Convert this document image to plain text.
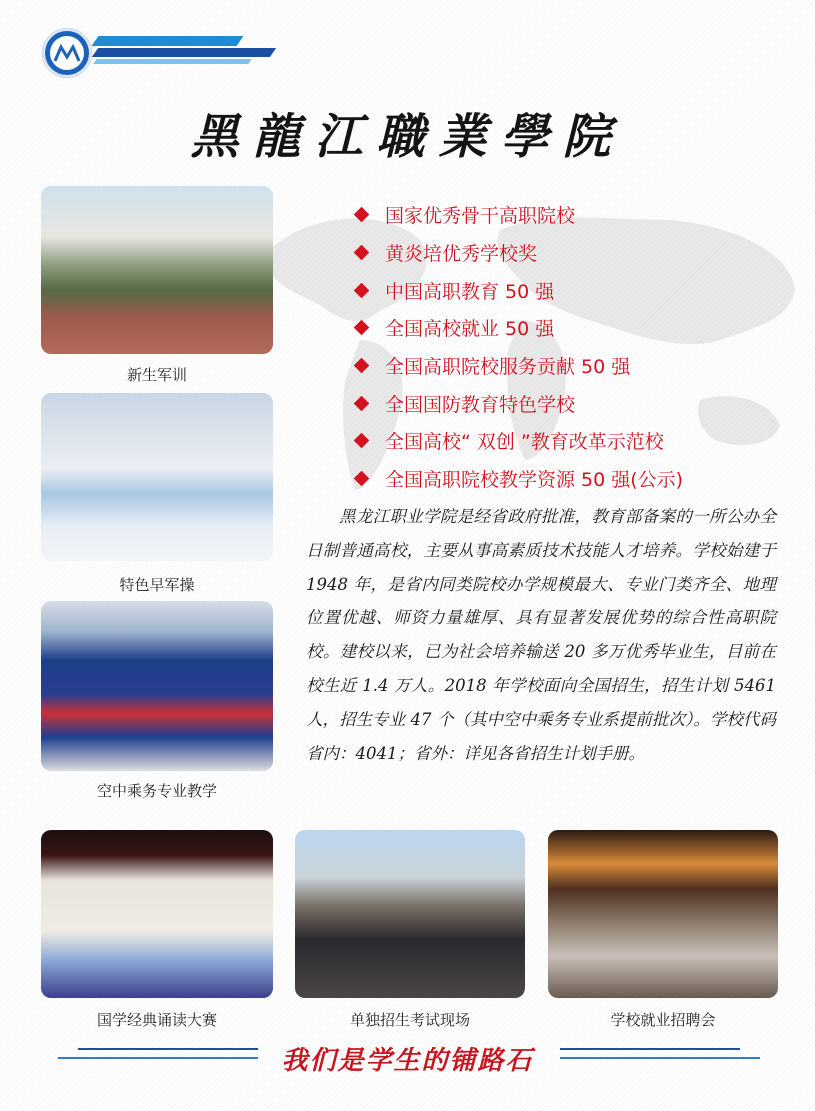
黑龍江職業學院
新生军训
特色早军操
空中乘务专业教学
国家优秀骨干高职院校
黄炎培优秀学校奖
中国高职教育 50 强
全国高校就业 50 强
全国高职院校服务贡献 50 强
全国国防教育特色学校
全国高校“ 双创 ”教育改革示范校
全国高职院校教学资源 50 强(公示)
黑龙江职业学院是经省政府批准，教育部备案的一所公办全日制普通高校，主要从事高素质技术技能人才培养。学校始建于 1948 年，是省内同类院校办学规模最大、专业门类齐全、地理位置优越、师资力量雄厚、具有显著发展优势的综合性高职院校。建校以来，已为社会培养输送 20 多万优秀毕业生，目前在校生近 1.4 万人。2018 年学校面向全国招生，招生计划 5461 人，招生专业 47 个（其中空中乘务专业系提前批次）。学校代码省内：4041；省外：详见各省招生计划手册。
国学经典诵读大赛	单独招生考试现场	学校就业招聘会
我们是学生的铺路石
